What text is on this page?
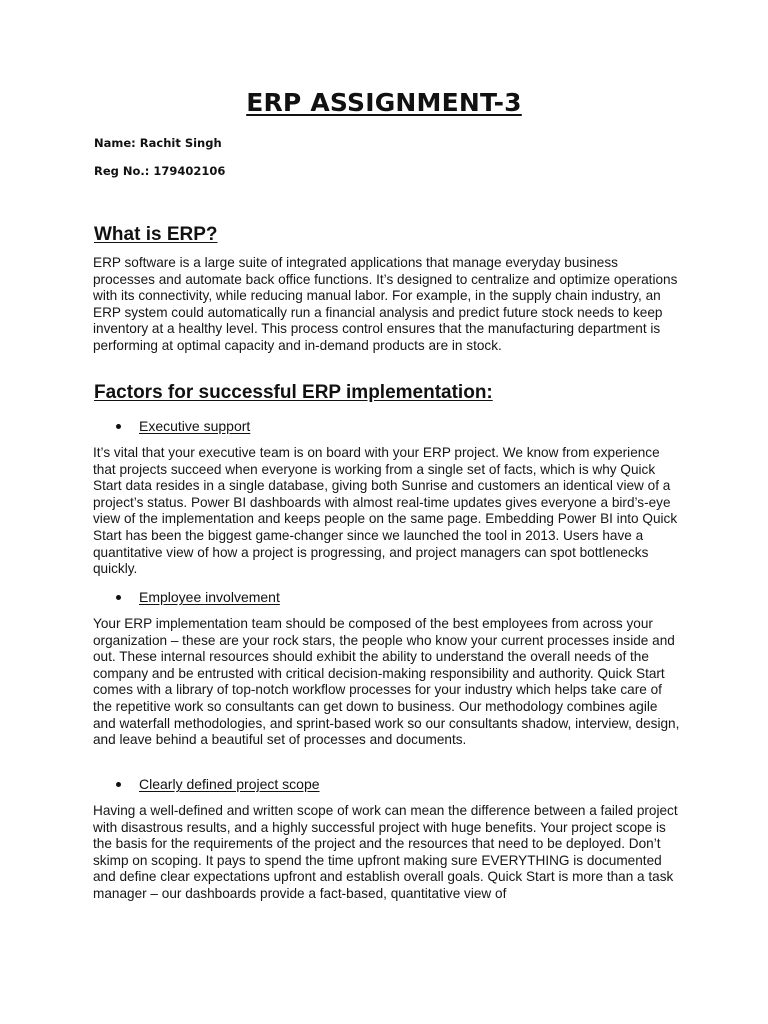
ERP ASSIGNMENT-3

Name: Rachit Singh

Reg No.: 179402106

What is ERP?

ERP software is a large suite of integrated applications that manage everyday business processes and automate back office functions. It’s designed to centralize and optimize operations with its connectivity, while reducing manual labor. For example, in the supply chain industry, an ERP system could automatically run a financial analysis and predict future stock needs to keep inventory at a healthy level. This process control ensures that the manufacturing department is performing at optimal capacity and in-demand products are in stock.

Factors for successful ERP implementation:
Executive support

It’s vital that your executive team is on board with your ERP project. We know from experience that projects succeed when everyone is working from a single set of facts, which is why Quick Start data resides in a single database, giving both Sunrise and customers an identical view of a project’s status. Power BI dashboards with almost real-time updates gives everyone a bird’s-eye view of the implementation and keeps people on the same page. Embedding Power BI into Quick Start has been the biggest game-changer since we launched the tool in 2013. Users have a quantitative view of how a project is progressing, and project managers can spot bottlenecks quickly.

Employee involvement

Your ERP implementation team should be composed of the best employees from across your organization – these are your rock stars, the people who know your current processes inside and out. These internal resources should exhibit the ability to understand the overall needs of the company and be entrusted with critical decision-making responsibility and authority. Quick Start comes with a library of top-notch workflow processes for your industry which helps take care of the repetitive work so consultants can get down to business. Our methodology combines agile and waterfall methodologies, and sprint-based work so our consultants shadow, interview, design, and leave behind a beautiful set of processes and documents.

Clearly defined project scope

Having a well-defined and written scope of work can mean the difference between a failed project with disastrous results, and a highly successful project with huge benefits. Your project scope is the basis for the requirements of the project and the resources that need to be deployed. Don’t skimp on scoping. It pays to spend the time upfront making sure EVERYTHING is documented and define clear expectations upfront and establish overall goals. Quick Start is more than a task manager – our dashboards provide a fact-based, quantitative view of
